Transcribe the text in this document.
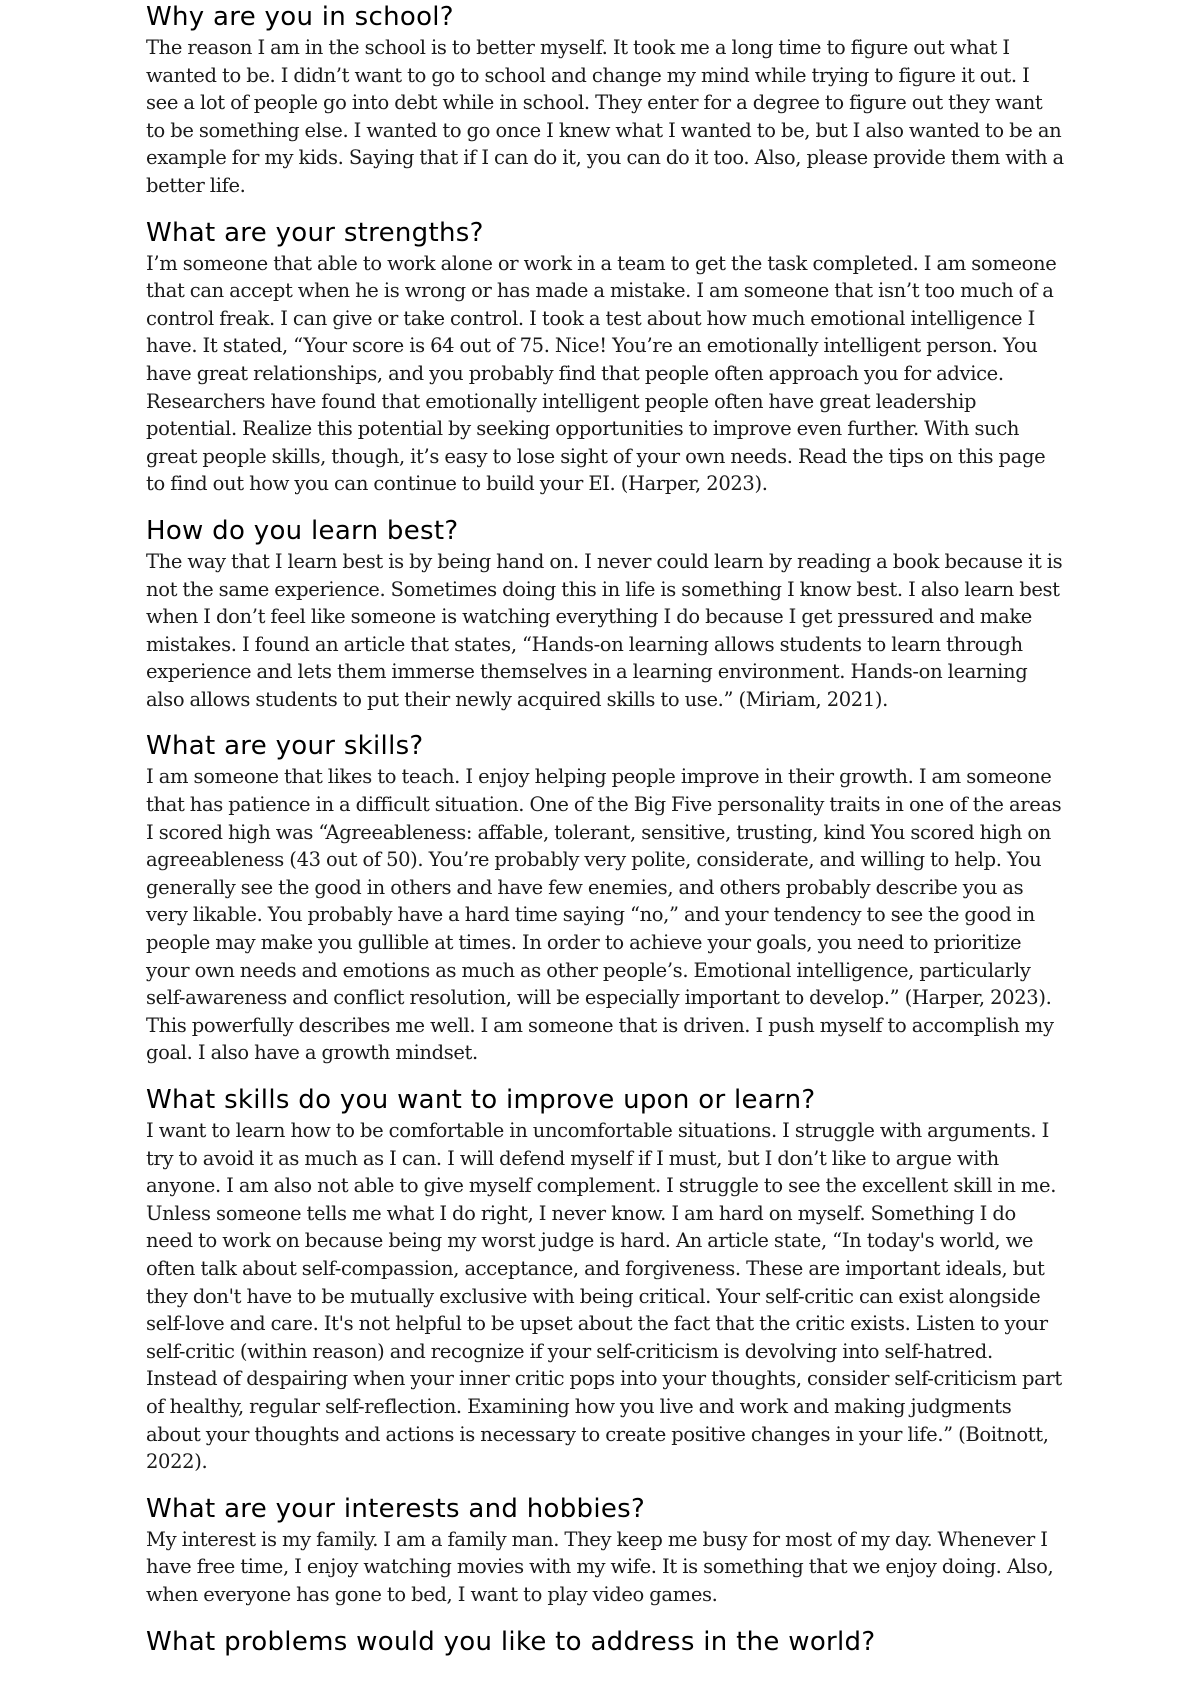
Why are you in school?

The reason I am in the school is to better myself. It took me a long time to figure out what I wanted to be. I didn’t want to go to school and change my mind while trying to figure it out. I see a lot of people go into debt while in school. They enter for a degree to figure out they want to be something else. I wanted to go once I knew what I wanted to be, but I also wanted to be an example for my kids. Saying that if I can do it, you can do it too. Also, please provide them with a better life.

What are your strengths?

I’m someone that able to work alone or work in a team to get the task completed. I am someone that can accept when he is wrong or has made a mistake. I am someone that isn’t too much of a control freak. I can give or take control. I took a test about how much emotional intelligence I have. It stated, “Your score is 64 out of 75. Nice! You’re an emotionally intelligent person. You have great relationships, and you probably find that people often approach you for advice. Researchers have found that emotionally intelligent people often have great leadership potential. Realize this potential by seeking opportunities to improve even further. With such great people skills, though, it’s easy to lose sight of your own needs. Read the tips on this page to find out how you can continue to build your EI. (Harper, 2023).

How do you learn best?

The way that I learn best is by being hand on. I never could learn by reading a book because it is not the same experience. Sometimes doing this in life is something I know best. I also learn best when I don’t feel like someone is watching everything I do because I get pressured and make mistakes. I found an article that states, “Hands-on learning allows students to learn through experience and lets them immerse themselves in a learning environment. Hands-on learning also allows students to put their newly acquired skills to use.” (Miriam, 2021).

What are your skills?

I am someone that likes to teach. I enjoy helping people improve in their growth. I am someone that has patience in a difficult situation. One of the Big Five personality traits in one of the areas I scored high was “Agreeableness: affable, tolerant, sensitive, trusting, kind You scored high on agreeableness (43 out of 50). You’re probably very polite, considerate, and willing to help. You generally see the good in others and have few enemies, and others probably describe you as very likable. You probably have a hard time saying “no,” and your tendency to see the good in people may make you gullible at times. In order to achieve your goals, you need to prioritize your own needs and emotions as much as other people’s. Emotional intelligence, particularly self-awareness and conflict resolution, will be especially important to develop.” (Harper, 2023). This powerfully describes me well. I am someone that is driven. I push myself to accomplish my goal. I also have a growth mindset.

What skills do you want to improve upon or learn?

I want to learn how to be comfortable in uncomfortable situations. I struggle with arguments. I try to avoid it as much as I can. I will defend myself if I must, but I don’t like to argue with anyone. I am also not able to give myself complement. I struggle to see the excellent skill in me. Unless someone tells me what I do right, I never know. I am hard on myself. Something I do need to work on because being my worst judge is hard. An article state, “In today's world, we often talk about self-compassion, acceptance, and forgiveness. These are important ideals, but they don't have to be mutually exclusive with being critical. Your self-critic can exist alongside self-love and care. It's not helpful to be upset about the fact that the critic exists. Listen to your self-critic (within reason) and recognize if your self-criticism is devolving into self-hatred. Instead of despairing when your inner critic pops into your thoughts, consider self-criticism part of healthy, regular self-reflection. Examining how you live and work and making judgments about your thoughts and actions is necessary to create positive changes in your life.” (Boitnott, 2022).

What are your interests and hobbies?

My interest is my family. I am a family man. They keep me busy for most of my day. Whenever I have free time, I enjoy watching movies with my wife. It is something that we enjoy doing. Also, when everyone has gone to bed, I want to play video games.

What problems would you like to address in the world?
